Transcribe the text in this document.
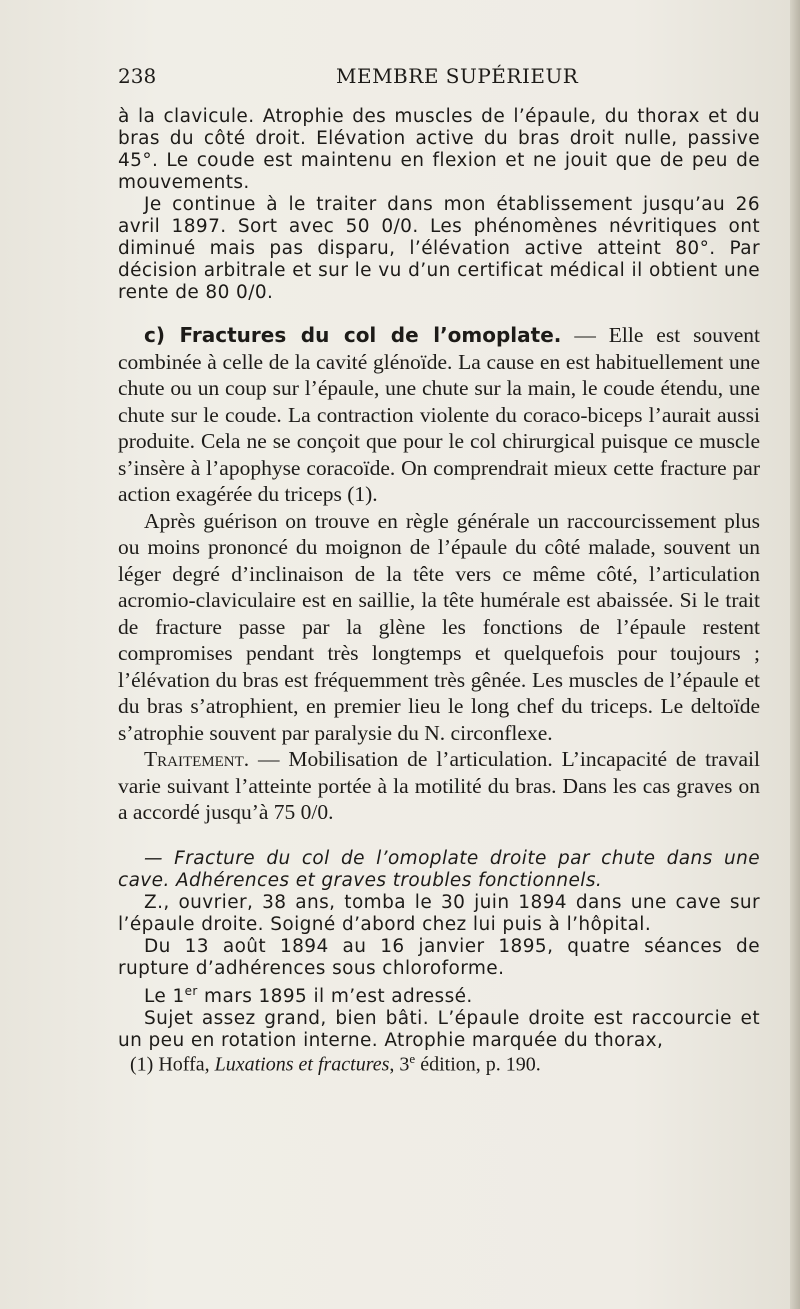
238	MEMBRE SUPÉRIEUR

à la clavicule. Atrophie des muscles de l’épaule, du thorax et du bras du côté droit. Elévation active du bras droit nulle, passive 45°. Le coude est maintenu en flexion et ne jouit que de peu de mouvements.

Je continue à le traiter dans mon établissement jusqu’au 26 avril 1897. Sort avec 50 0/0. Les phénomènes névritiques ont diminué mais pas disparu, l’élévation active atteint 80°. Par décision arbitrale et sur le vu d’un certificat médical il obtient une rente de 80 0/0.

c) Fractures du col de l’omoplate. — Elle est souvent combinée à celle de la cavité glénoïde. La cause en est habituellement une chute ou un coup sur l’épaule, une chute sur la main, le coude étendu, une chute sur le coude. La contraction violente du coraco-biceps l’aurait aussi produite. Cela ne se conçoit que pour le col chirurgical puisque ce muscle s’insère à l’apophyse coracoïde. On comprendrait mieux cette fracture par action exagérée du triceps (1).

Après guérison on trouve en règle générale un raccourcissement plus ou moins prononcé du moignon de l’épaule du côté malade, souvent un léger degré d’inclinaison de la tête vers ce même côté, l’articulation acromio-claviculaire est en saillie, la tête humérale est abaissée. Si le trait de fracture passe par la glène les fonctions de l’épaule restent compromises pendant très longtemps et quelquefois pour toujours ; l’élévation du bras est fréquemment très gênée. Les muscles de l’épaule et du bras s’atrophient, en premier lieu le long chef du triceps. Le deltoïde s’atrophie souvent par paralysie du N. circonflexe.

Traitement. — Mobilisation de l’articulation. L’incapacité de travail varie suivant l’atteinte portée à la motilité du bras. Dans les cas graves on a accordé jusqu’à 75 0/0.

— Fracture du col de l’omoplate droite par chute dans une cave. Adhérences et graves troubles fonctionnels.

Z., ouvrier, 38 ans, tomba le 30 juin 1894 dans une cave sur l’épaule droite. Soigné d’abord chez lui puis à l’hôpital.

Du 13 août 1894 au 16 janvier 1895, quatre séances de rupture d’adhérences sous chloroforme.

Le 1er mars 1895 il m’est adressé.

Sujet assez grand, bien bâti. L’épaule droite est raccourcie et un peu en rotation interne. Atrophie marquée du thorax,

(1) Hoffa, Luxations et fractures, 3e édition, p. 190.
